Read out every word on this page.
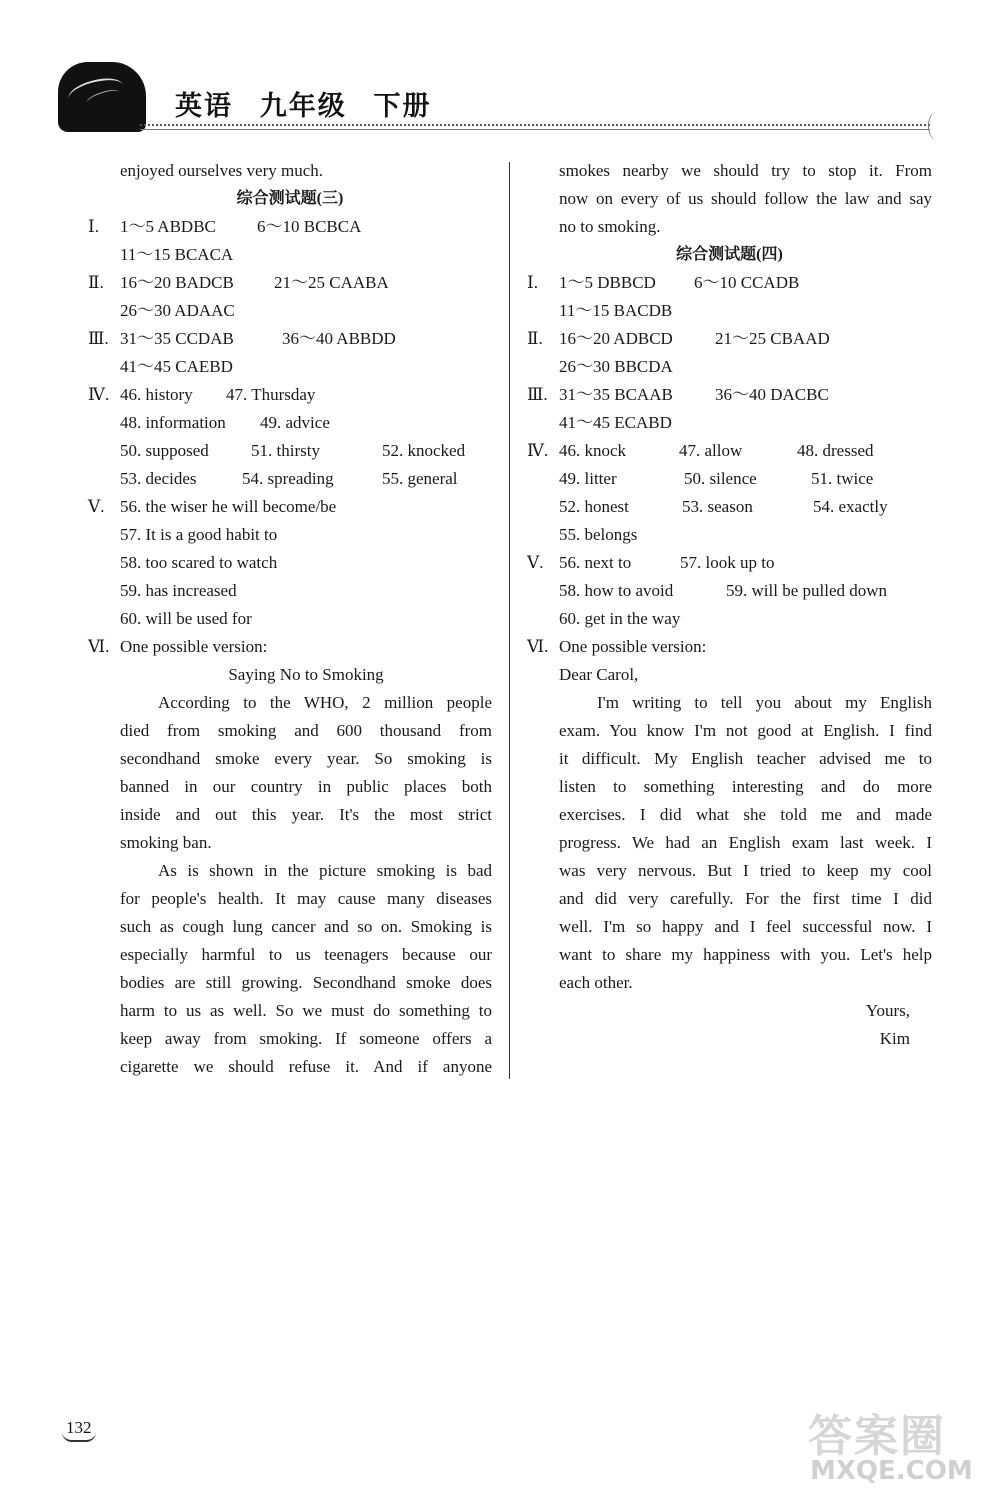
英语 九年级 下册
enjoyed ourselves very much.
综合测试题(三)
Ⅰ. 1～5 ABDBC 6～10 BCBCA
11～15 BCACA
Ⅱ. 16～20 BADCB 21～25 CAABA
26～30 ADAAC
Ⅲ. 31～35 CCDAB	36～40 ABBDD
41～45 CAEBD
Ⅳ. 46. history 47. Thursday
48. information 49. advice
50. supposed 51. thirsty	52. knocked
53. decides	54. spreading	55. general
Ⅴ. 56. the wiser he will become/be
57. It is a good habit to
58. too scared to watch
59. has increased
60. will be used for
Ⅵ. One possible version:
Saying No to Smoking
According to the WHO, 2 million people
died from smoking and 600 thousand from
secondhand smoke every year. So smoking is
banned in our country in public places both
inside and out this year. It's the most strict
smoking ban.
As is shown in the picture smoking is bad
for people's health. It may cause many diseases
such as cough lung cancer and so on. Smoking is
especially harmful to us teenagers because our
bodies are still growing. Secondhand smoke does
harm to us as well. So we must do something to
keep away from smoking. If someone offers a
cigarette we should refuse it. And if anyone
smokes nearby we should try to stop it. From
now on every of us should follow the law and say
no to smoking.
综合测试题(四)
Ⅰ. 1～5 DBBCD 6～10 CCADB
11～15 BACDB
Ⅱ. 16～20 ADBCD 21～25 CBAAD
26～30 BBCDA
Ⅲ. 31～35 BCAAB 36～40 DACBC
41～45 ECABD
Ⅳ. 46. knock	47. allow	48. dressed
49. litter	50. silence	51. twice
52. honest	53. season	54. exactly
55. belongs
Ⅴ. 56. next to	57. look up to
58. how to avoid	59. will be pulled down
60. get in the way
Ⅵ. One possible version:
Dear Carol,
I'm writing to tell you about my English
exam. You know I'm not good at English. I find
it difficult. My English teacher advised me to
listen to something interesting and do more
exercises. I did what she told me and made
progress. We had an English exam last week. I
was very nervous. But I tried to keep my cool
and did very carefully. For the first time I did
well. I'm so happy and I feel successful now. I
want to share my happiness with you. Let's help
each other.
Yours,
Kim
132	答案圈
MXQE.COM
